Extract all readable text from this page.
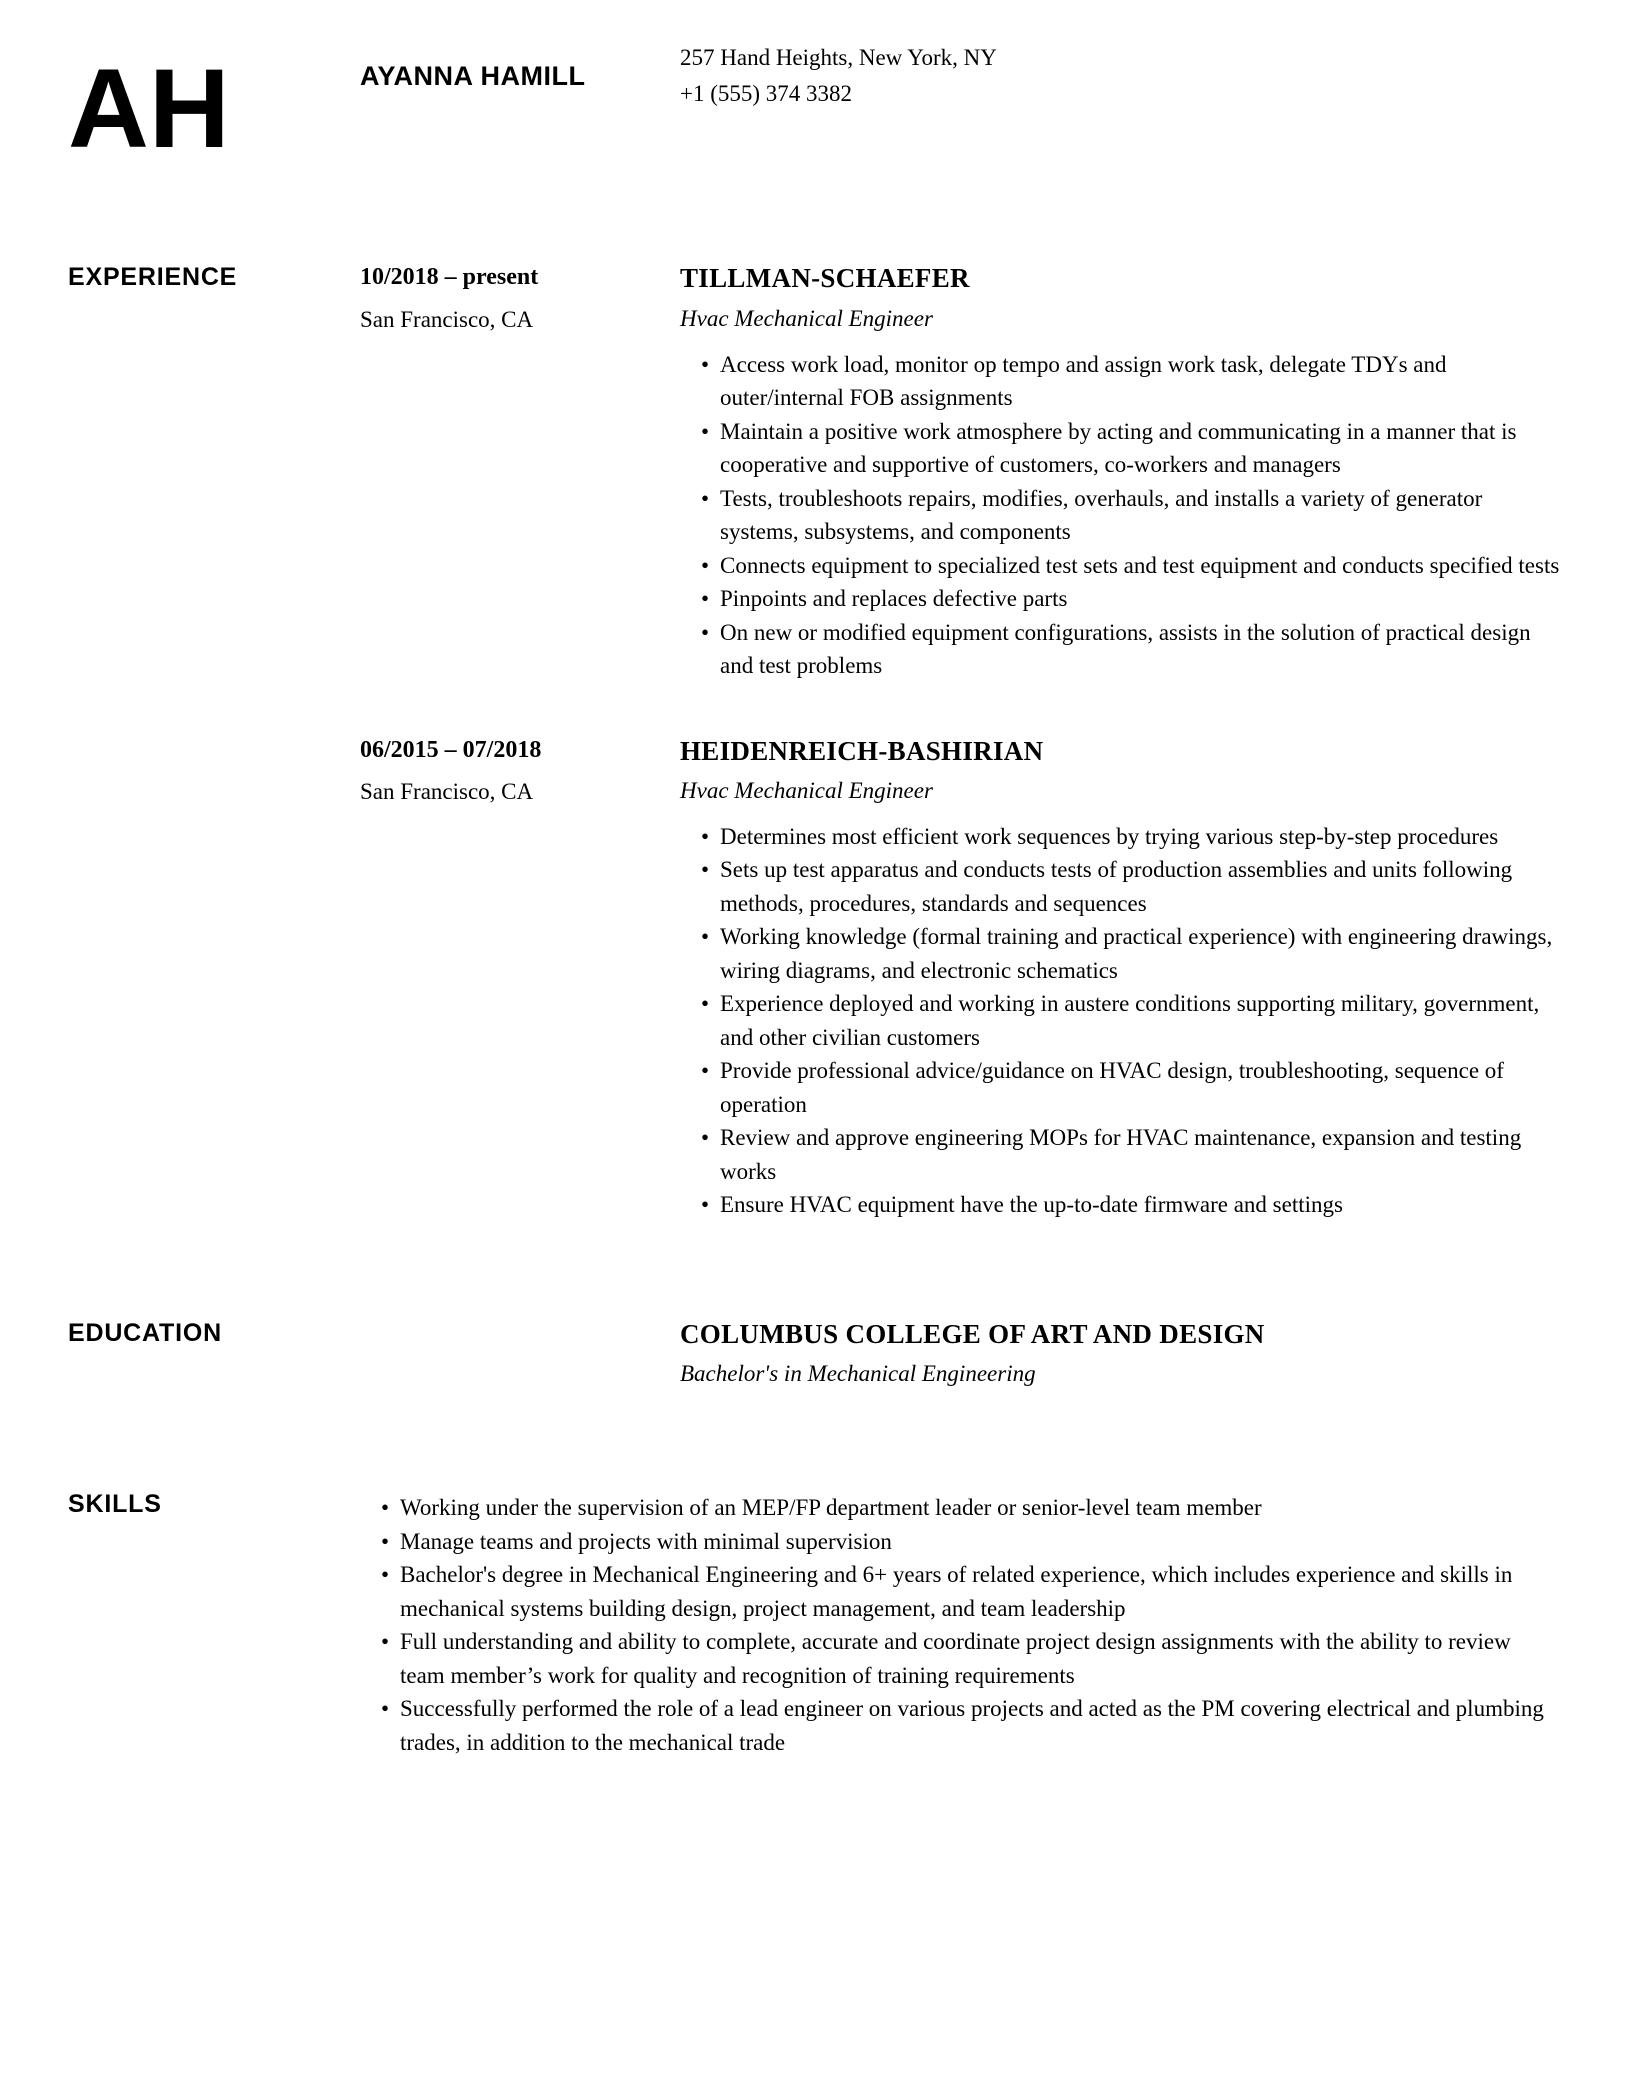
AH	AYANNA HAMILL
257 Hand Heights, New York, NY
+1 (555) 374 3382
EXPERIENCE	10/2018 – present
San Francisco, CA
TILLMAN-SCHAEFER
Hvac Mechanical Engineer
• Access work load, monitor op tempo and assign work task, delegate TDYs and outer/internal FOB assignments
• Maintain a positive work atmosphere by acting and communicating in a manner that is cooperative and supportive of customers, co-workers and managers
• Tests, troubleshoots repairs, modifies, overhauls, and installs a variety of generator systems, subsystems, and components
• Connects equipment to specialized test sets and test equipment and conducts specified tests
• Pinpoints and replaces defective parts
• On new or modified equipment configurations, assists in the solution of practical design and test problems
06/2015 – 07/2018
San Francisco, CA
HEIDENREICH-BASHIRIAN
Hvac Mechanical Engineer
• Determines most efficient work sequences by trying various step-by-step procedures
• Sets up test apparatus and conducts tests of production assemblies and units following methods, procedures, standards and sequences
• Working knowledge (formal training and practical experience) with engineering drawings, wiring diagrams, and electronic schematics
• Experience deployed and working in austere conditions supporting military, government, and other civilian customers
• Provide professional advice/guidance on HVAC design, troubleshooting, sequence of operation
• Review and approve engineering MOPs for HVAC maintenance, expansion and testing works
• Ensure HVAC equipment have the up-to-date firmware and settings
EDUCATION	COLUMBUS COLLEGE OF ART AND DESIGN
Bachelor's in Mechanical Engineering
SKILLS	• Working under the supervision of an MEP/FP department leader or senior-level team member
• Manage teams and projects with minimal supervision
• Bachelor's degree in Mechanical Engineering and 6+ years of related experience, which includes experience and skills in mechanical systems building design, project management, and team leadership
• Full understanding and ability to complete, accurate and coordinate project design assignments with the ability to review team member’s work for quality and recognition of training requirements
• Successfully performed the role of a lead engineer on various projects and acted as the PM covering electrical and plumbing trades, in addition to the mechanical trade
